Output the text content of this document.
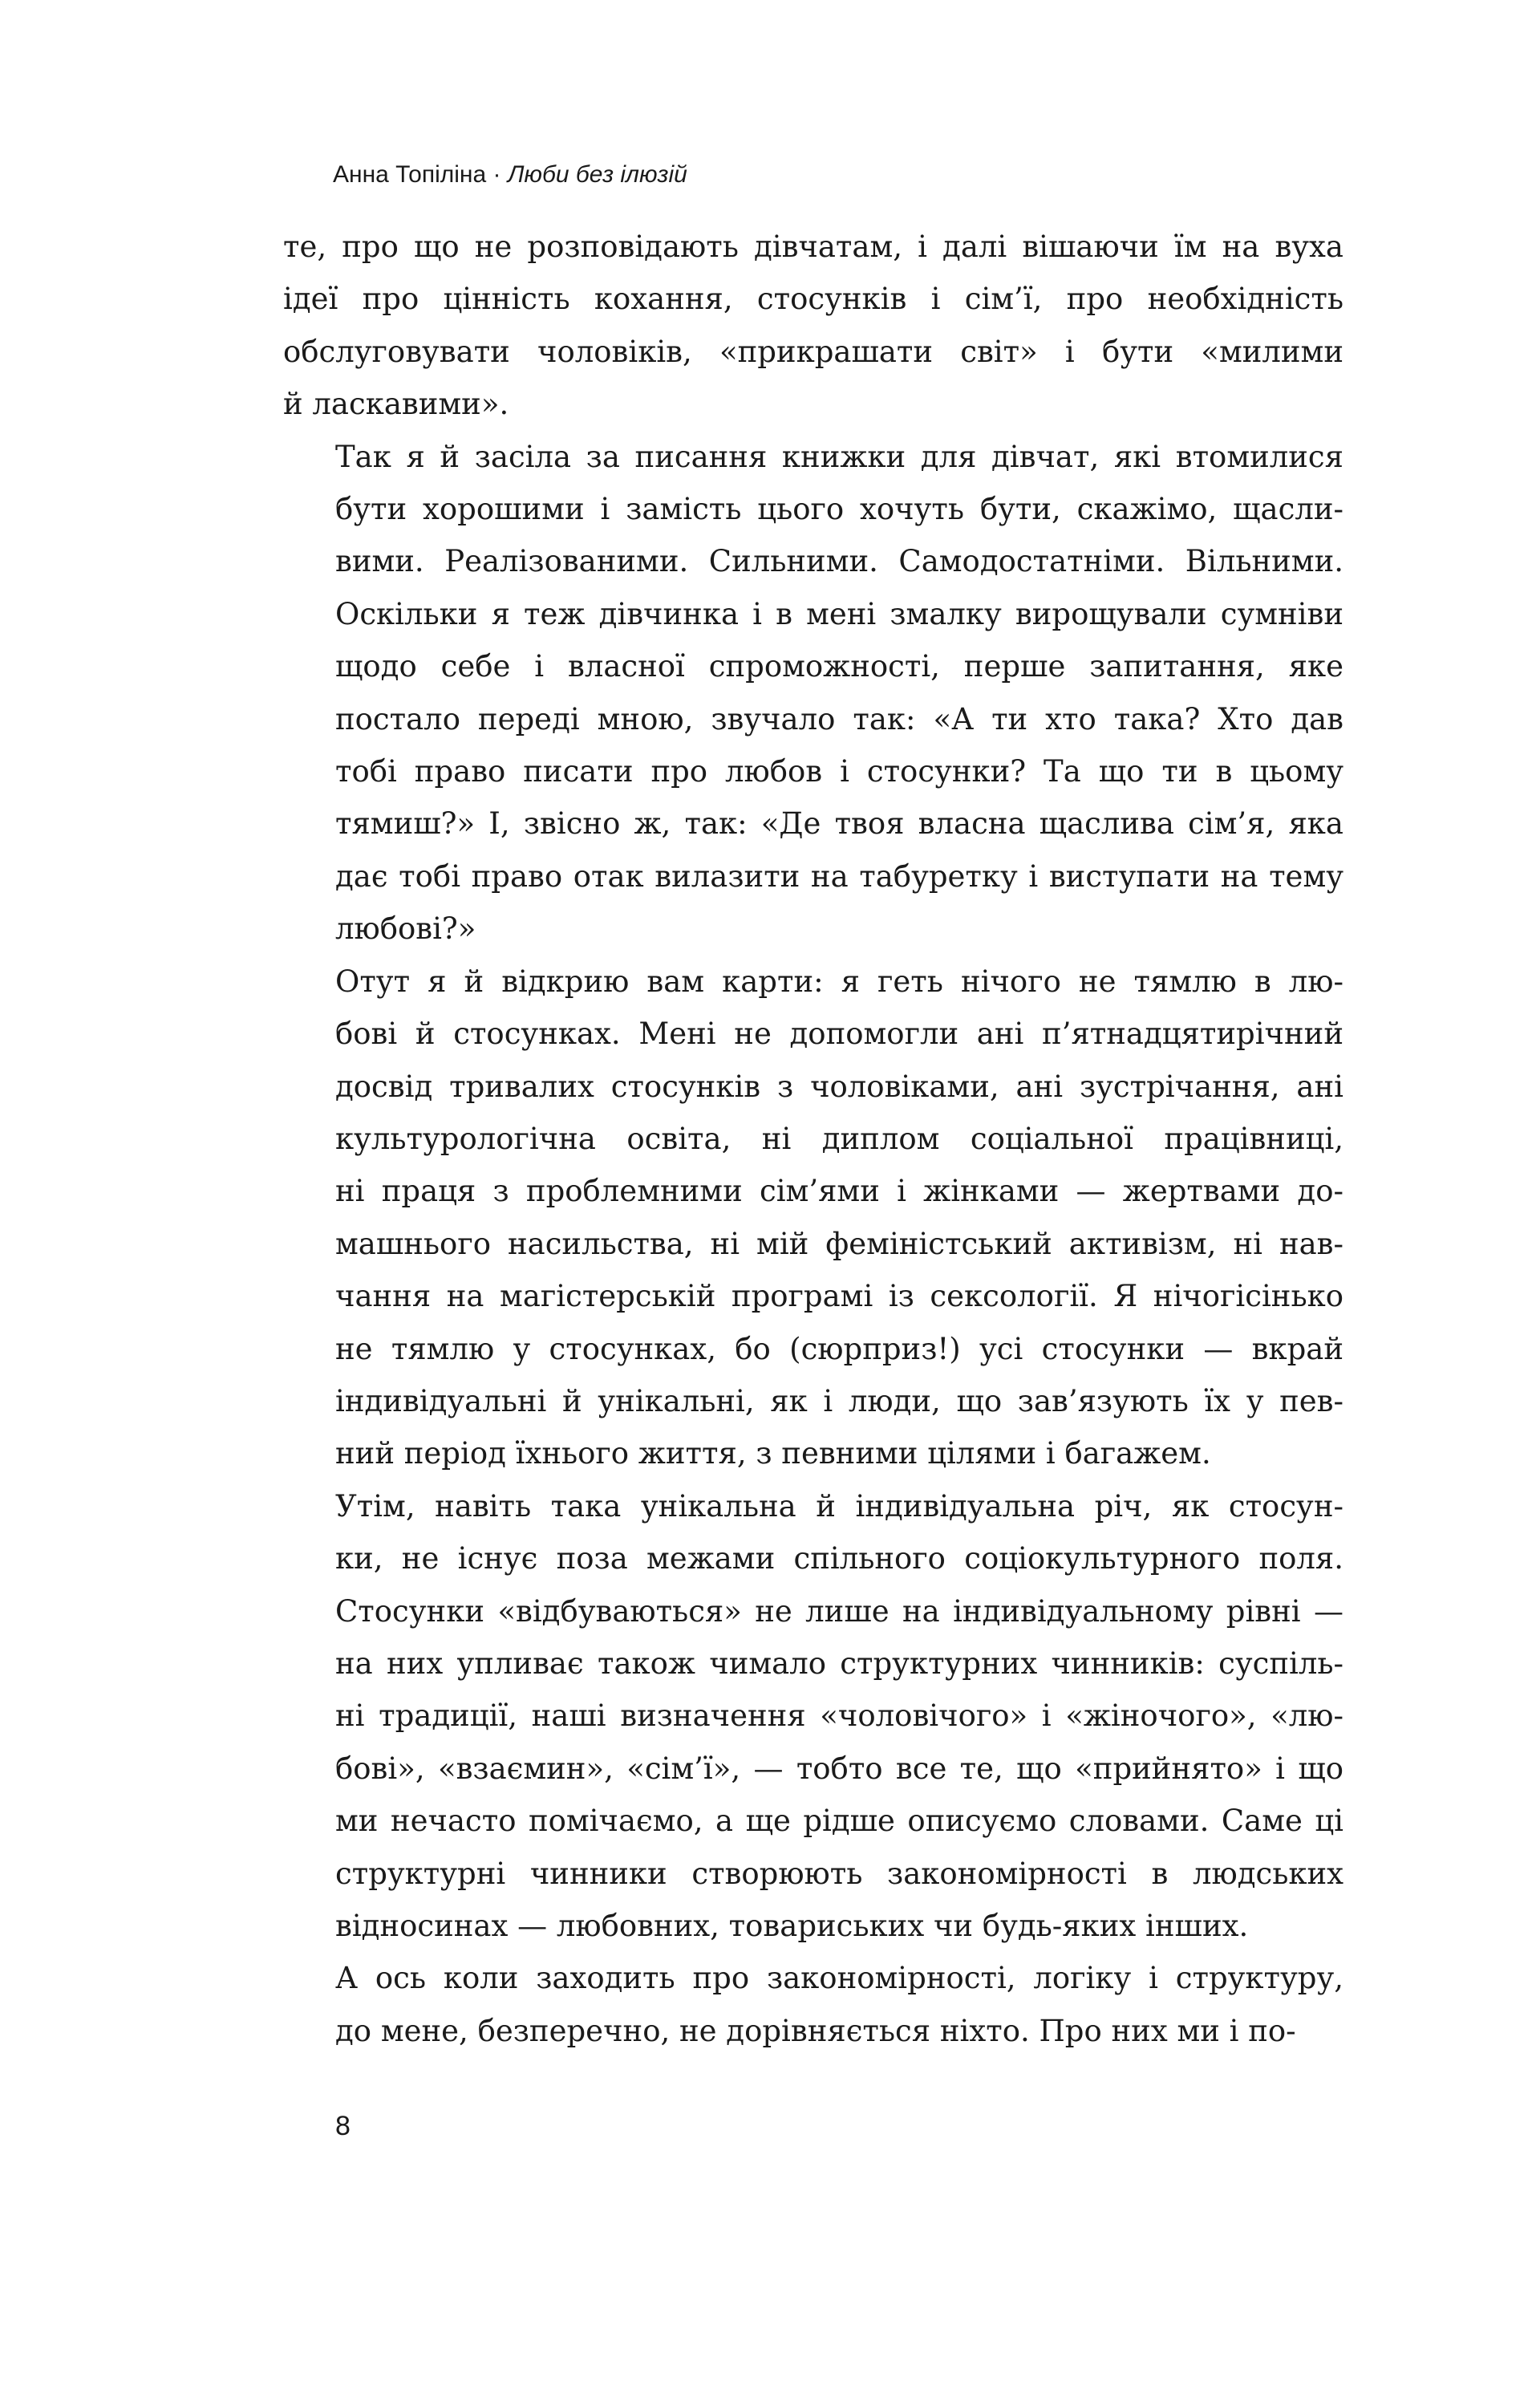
Анна Топіліна · Люби без ілюзій

те, про що не розповідають дівчатам, і далі вішаючи їм на вуха
ідеї про цінність кохання, стосунків і сім’ї, про необхідність
обслуговувати чоловіків, «прикрашати світ» і бути «милими
й ласкавими».

Так я й засіла за писання книжки для дівчат, які втомилися
бути хорошими і замість цього хочуть бути, скажімо, щасли-
вими. Реалізованими. Сильними. Самодостатніми. Вільними.
Оскільки я теж дівчинка і в мені змалку вирощували сумніви
щодо себе і власної спроможності, перше запитання, яке
постало переді мною, звучало так: «А ти хто така? Хто дав
тобі право писати про любов і стосунки? Та що ти в цьому
тямиш?» І, звісно ж, так: «Де твоя власна щаслива сім’я, яка
дає тобі право отак вилазити на табуретку і виступати на тему
любові?»

Отут я й відкрию вам карти: я геть нічого не тямлю в лю-
бові й стосунках. Мені не допомогли ані п’ятнадцятирічний
досвід тривалих стосунків з чоловіками, ані зустрічання, ані
культурологічна освіта, ні диплом соціальної працівниці,
ні праця з проблемними сім’ями і жінками — жертвами до-
машнього насильства, ні мій феміністський активізм, ні нав-
чання на магістерській програмі із сексології. Я нічогісінько
не тямлю у стосунках, бо (сюрприз!) усі стосунки — вкрай
індивідуальні й унікальні, як і люди, що зав’язують їх у пев-
ний період їхнього життя, з певними цілями і багажем.

Утім, навіть така унікальна й індивідуальна річ, як стосун-
ки, не існує поза межами спільного соціокультурного поля.
Стосунки «відбуваються» не лише на індивідуальному рівні —
на них упливає також чимало структурних чинників: суспіль-
ні традиції, наші визначення «чоловічого» і «жіночого», «лю-
бові», «взаємин», «сім’ї», — тобто все те, що «прийнято» і що
ми нечасто помічаємо, а ще рідше описуємо словами. Саме ці
структурні чинники створюють закономірності в людських
відносинах — любовних, товариських чи будь-яких інших.

А ось коли заходить про закономірності, логіку і структуру,
до мене, безперечно, не дорівняється ніхто. Про них ми і по-

8
